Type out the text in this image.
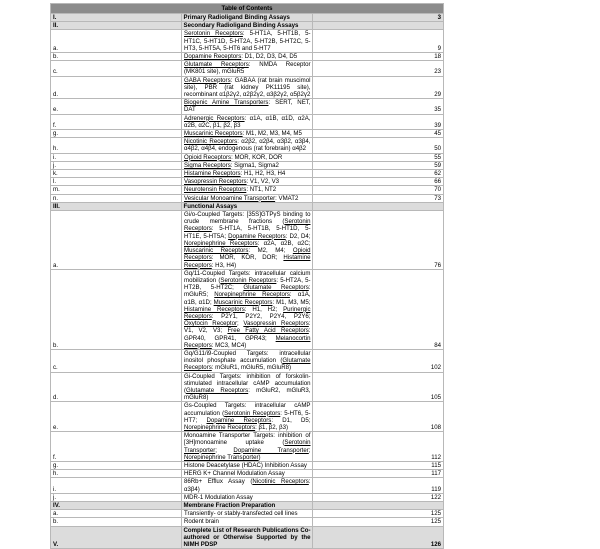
Table of Contents		
I.	Primary Radioligand Binding Assays	3
II.	Secondary Radioligand Binding Assays	
a.	Serotonin Receptors: 5-HT1A, 5-HT1B, 5-HT1C, 5-HT1D, 5-HT2A, 5-HT2B, 5-HT2C, 5-HT3, 5-HT5A, 5-HT6 and 5-HT7	9
b.	Dopamine Receptors: D1, D2, D3, D4, D5	18
c.	Glutamate Receptors: NMDA Receptor (MK801 site), mGluR5	23
d.	GABA Receptors: GABAA (rat brain muscimol site), PBR (rat kidney PK11195 site), recombinant α1β2γ2, α2β2γ2, α3β2γ2, α5β2γ2	29
e.	Biogenic Amine Transporters: SERT, NET, DAT	35
f.	Adrenergic Receptors: α1A, α1B, α1D, α2A, α2B, α2C, β1, β2, β3	39
g.	Muscarinic Receptors: M1, M2, M3, M4, M5	45
h.	Nicotinic Receptors: α2β2, α2β4, α3β2, α3β4, α4β2, α4β4, endogenous (rat forebrain) α4β2	50
i.	Opioid Receptors: MOR, KOR, DOR	55
j.	Sigma Receptors: Sigma1, Sigma2	59
k.	Histamine Receptors: H1, H2, H3, H4	62
l.	Vasopressin Receptors: V1, V2, V3	66
m.	Neurotensin Receptors: NT1, NT2	70
n.	Vesicular Monoamine Transporter: VMAT2	73
III.	Functional Assays	
a.	Gi/o-Coupled Targets: [35S]GTPγS binding to crude membrane fractions (Serotonin Receptors: 5-HT1A, 5-HT1B, 5-HT1D, 5-HT1E, 5-HT5A; Dopamine Receptors: D2, D4; Norepinephrine Receptors: α2A, α2B, α2C; Muscarinic Receptors: M2, M4; Opioid Receptors: MOR, KOR, DOR; Histamine Receptors: H3, H4)	76
b.	Gq/11-Coupled Targets: intracellular calcium mobilization (Serotonin Receptors: 5-HT2A, 5-HT2B, 5-HT2C; Glutamate Receptors: mGluR5; Norepinephrine Receptors: α1A, α1B, α1D; Muscarinic Receptors: M1, M3, M5; Histamine Receptors: H1, H2; Purinergic Receptors: P2Y1, P2Y2, P2Y4, P2Y6; Oxytocin Receptor; Vasopressin Receptors: V1, V2, V3; Free Fatty Acid Receptors: GPR40, GPR41, GPR43; Melanocortin Receptors: MC3, MC4)	84
c.	Gq/G11/i9-Coupled Targets: intracellular inositol phosphate accumulation (Glutamate Receptors: mGluR1, mGluR5, mGluR8)	102
d.	Gi-Coupled Targets: inhibition of forskolin-stimulated intracellular cAMP accumulation (Glutamate Receptors: mGluR2, mGluR3, mGluR8)	105
e.	Gs-Coupled Targets: intracellular cAMP accumulation (Serotonin Receptors: 5-HT6, 5-HT7; Dopamine Receptors: D1, D5; Norepinephrine Receptors: β1, β2, β3)	108
f.	Monoamine Transporter Targets: inhibition of [3H]monoamine uptake (Serotonin Transporter; Dopamine Transporter; Norepinephrine Transporter)	112
g.	Histone Deacetylase (HDAC) Inhibition Assay	115
h.	HERG K+ Channel Modulation Assay	117
i.	86Rb+ Efflux Assay (Nicotinic Receptors: α3β4)	119
j.	MDR-1 Modulation Assay	122
IV.	Membrane Fraction Preparation	
a.	Transiently- or stably-transfected cell lines	125
b.	Rodent brain	125
V.	Complete List of Research Publications Co-authored or Otherwise Supported by the NIMH PDSP	126
